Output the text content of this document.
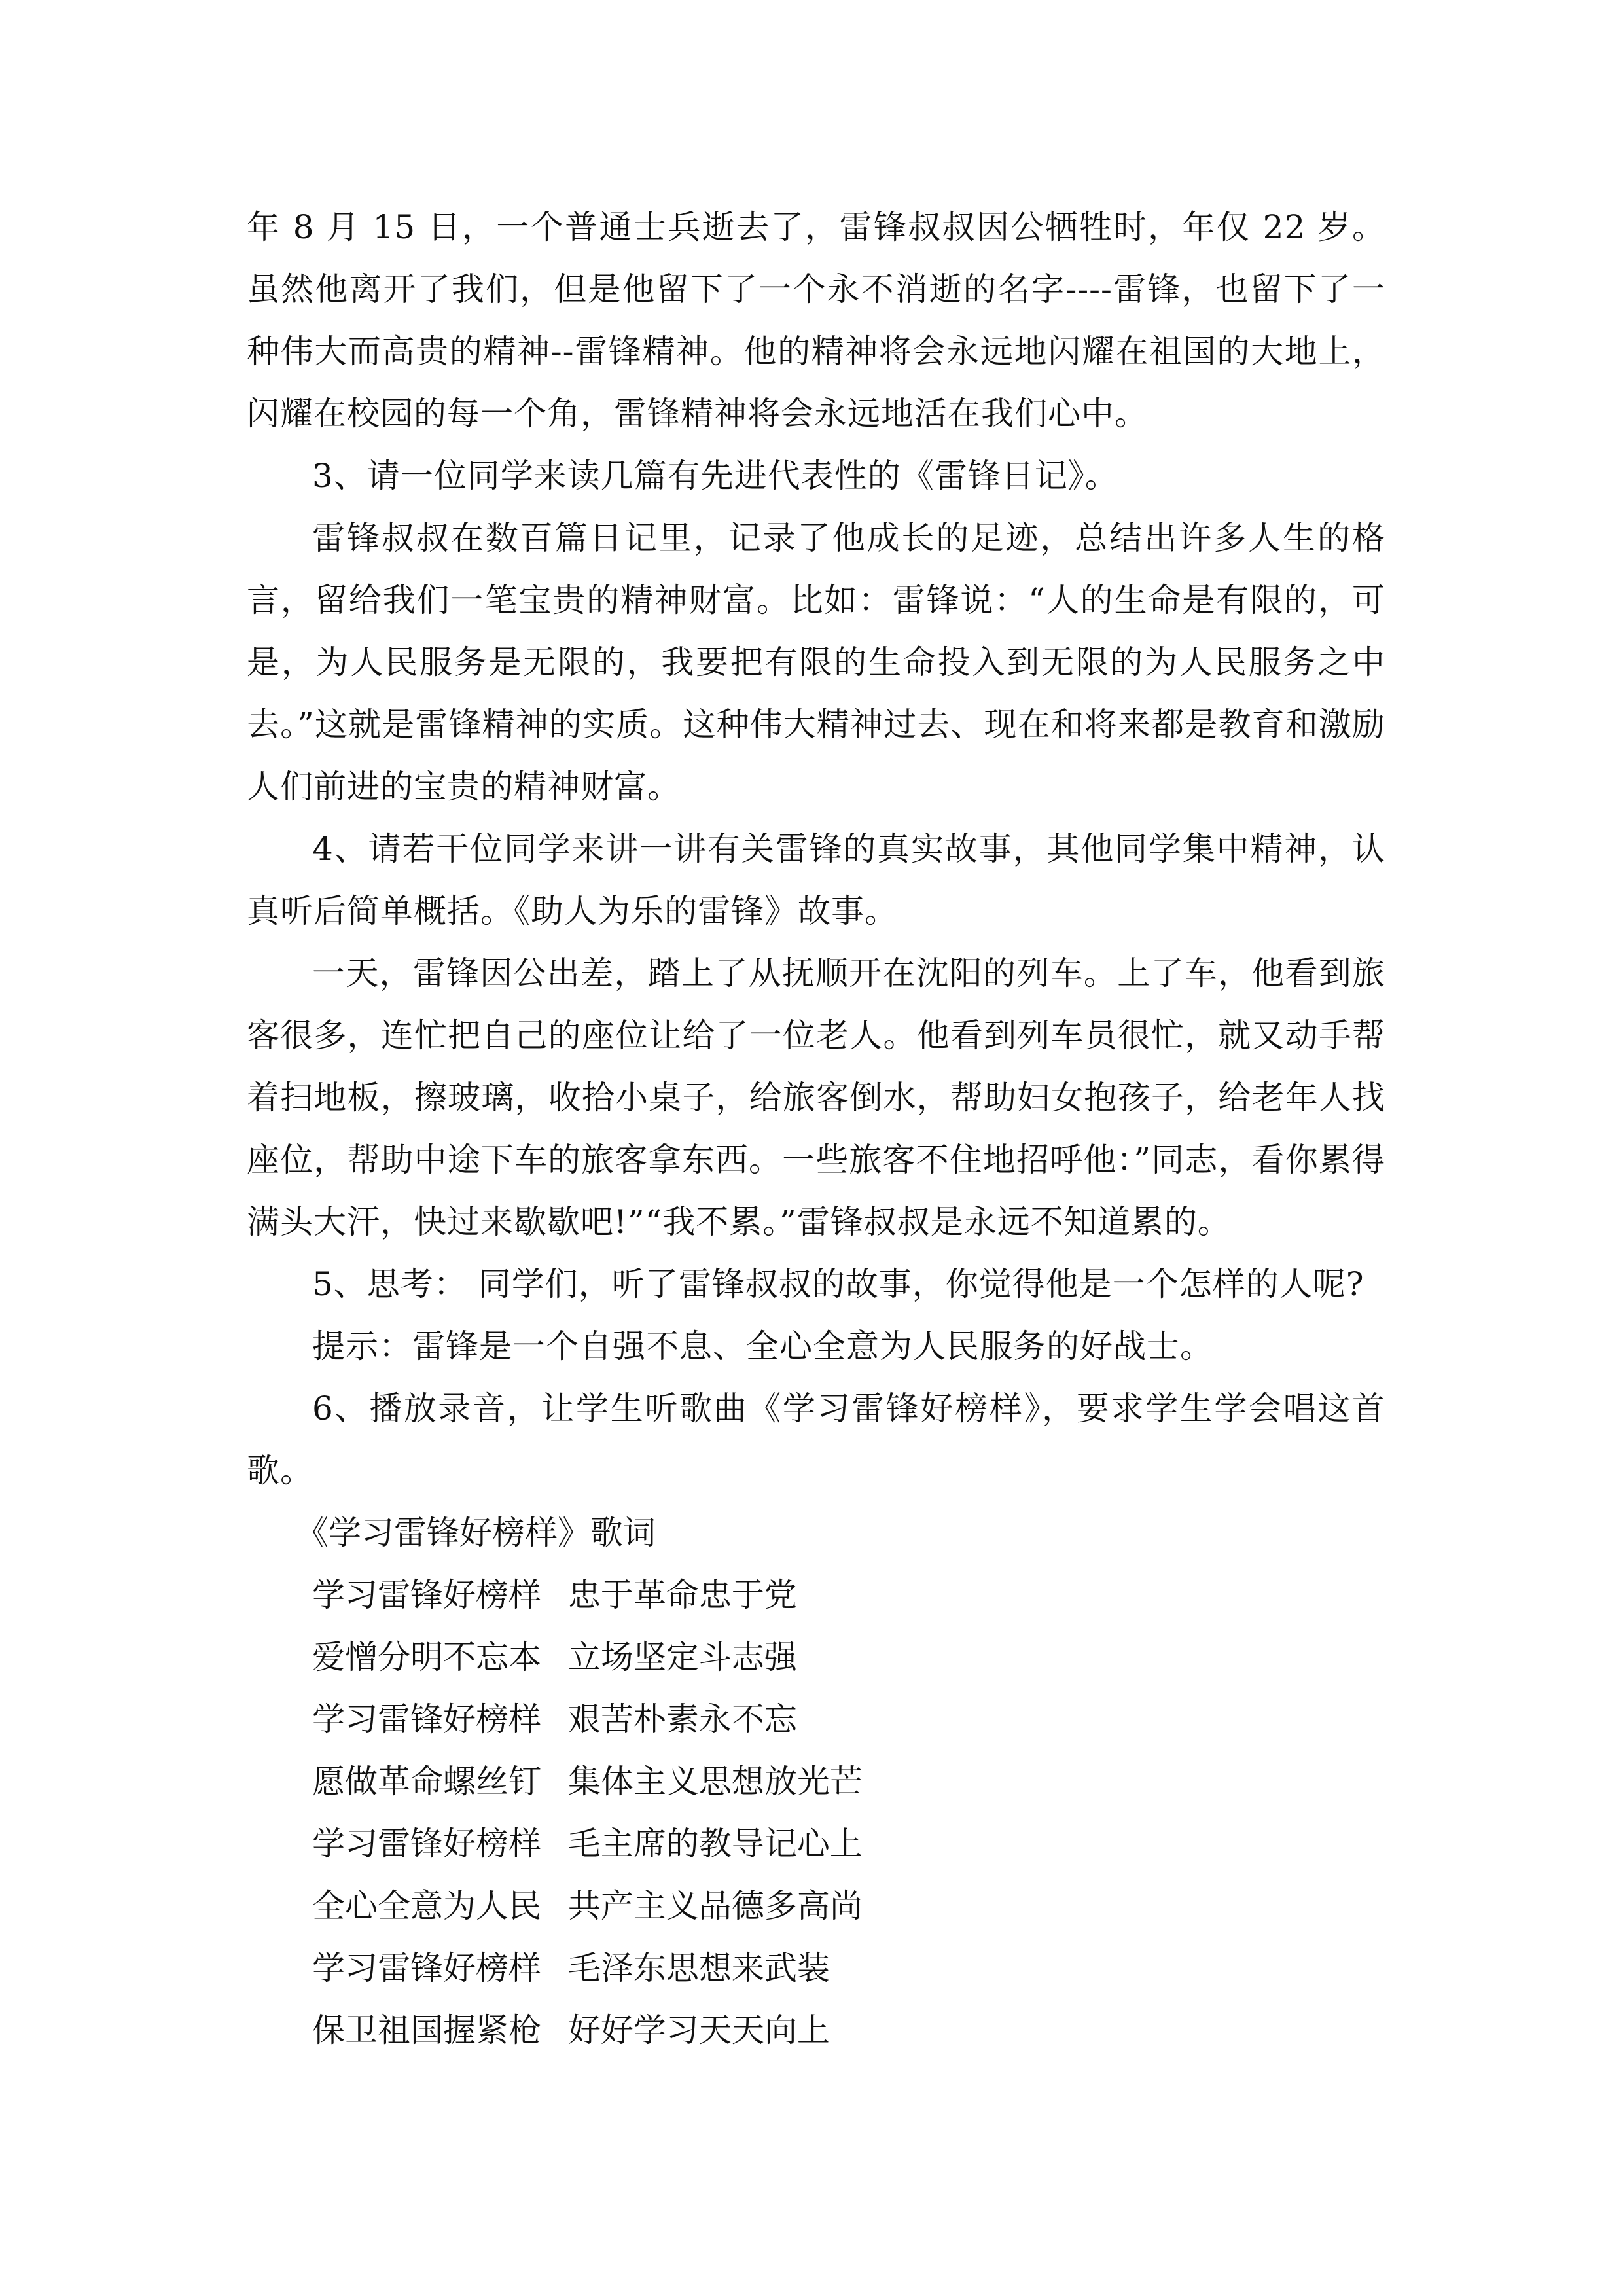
年 8 月 15 日，一个普通士兵逝去了，雷锋叔叔因公牺牲时，年仅 22 岁。虽然他离开了我们，但是他留下了一个永不消逝的名字----雷锋，也留下了一种伟大而高贵的精神--雷锋精神。他的精神将会永远地闪耀在祖国的大地上，闪耀在校园的每一个角，雷锋精神将会永远地活在我们心中。

3、请一位同学来读几篇有先进代表性的《雷锋日记》。

雷锋叔叔在数百篇日记里，记录了他成长的足迹，总结出许多人生的格言，留给我们一笔宝贵的精神财富。比如：雷锋说：“人的生命是有限的，可是，为人民服务是无限的，我要把有限的生命投入到无限的为人民服务之中去。”这就是雷锋精神的实质。这种伟大精神过去、现在和将来都是教育和激励人们前进的宝贵的精神财富。

4、请若干位同学来讲一讲有关雷锋的真实故事，其他同学集中精神，认真听后简单概括。《助人为乐的雷锋》故事。

一天，雷锋因公出差，踏上了从抚顺开在沈阳的列车。上了车，他看到旅客很多，连忙把自己的座位让给了一位老人。他看到列车员很忙，就又动手帮着扫地板，擦玻璃，收拾小桌子，给旅客倒水，帮助妇女抱孩子，给老年人找座位，帮助中途下车的旅客拿东西。一些旅客不住地招呼他：”同志，看你累得满头大汗，快过来歇歇吧!”“我不累。”雷锋叔叔是永远不知道累的。

5、思考： 同学们，听了雷锋叔叔的故事，你觉得他是一个怎样的人呢?

提示：雷锋是一个自强不息、全心全意为人民服务的好战士。

6、播放录音，让学生听歌曲《学习雷锋好榜样》，要求学生学会唱这首歌。

《学习雷锋好榜样》歌词

学习雷锋好榜样 忠于革命忠于党

爱憎分明不忘本 立场坚定斗志强

学习雷锋好榜样 艰苦朴素永不忘

愿做革命螺丝钉 集体主义思想放光芒

学习雷锋好榜样 毛主席的教导记心上

全心全意为人民 共产主义品德多高尚

学习雷锋好榜样 毛泽东思想来武装

保卫祖国握紧枪 好好学习天天向上
